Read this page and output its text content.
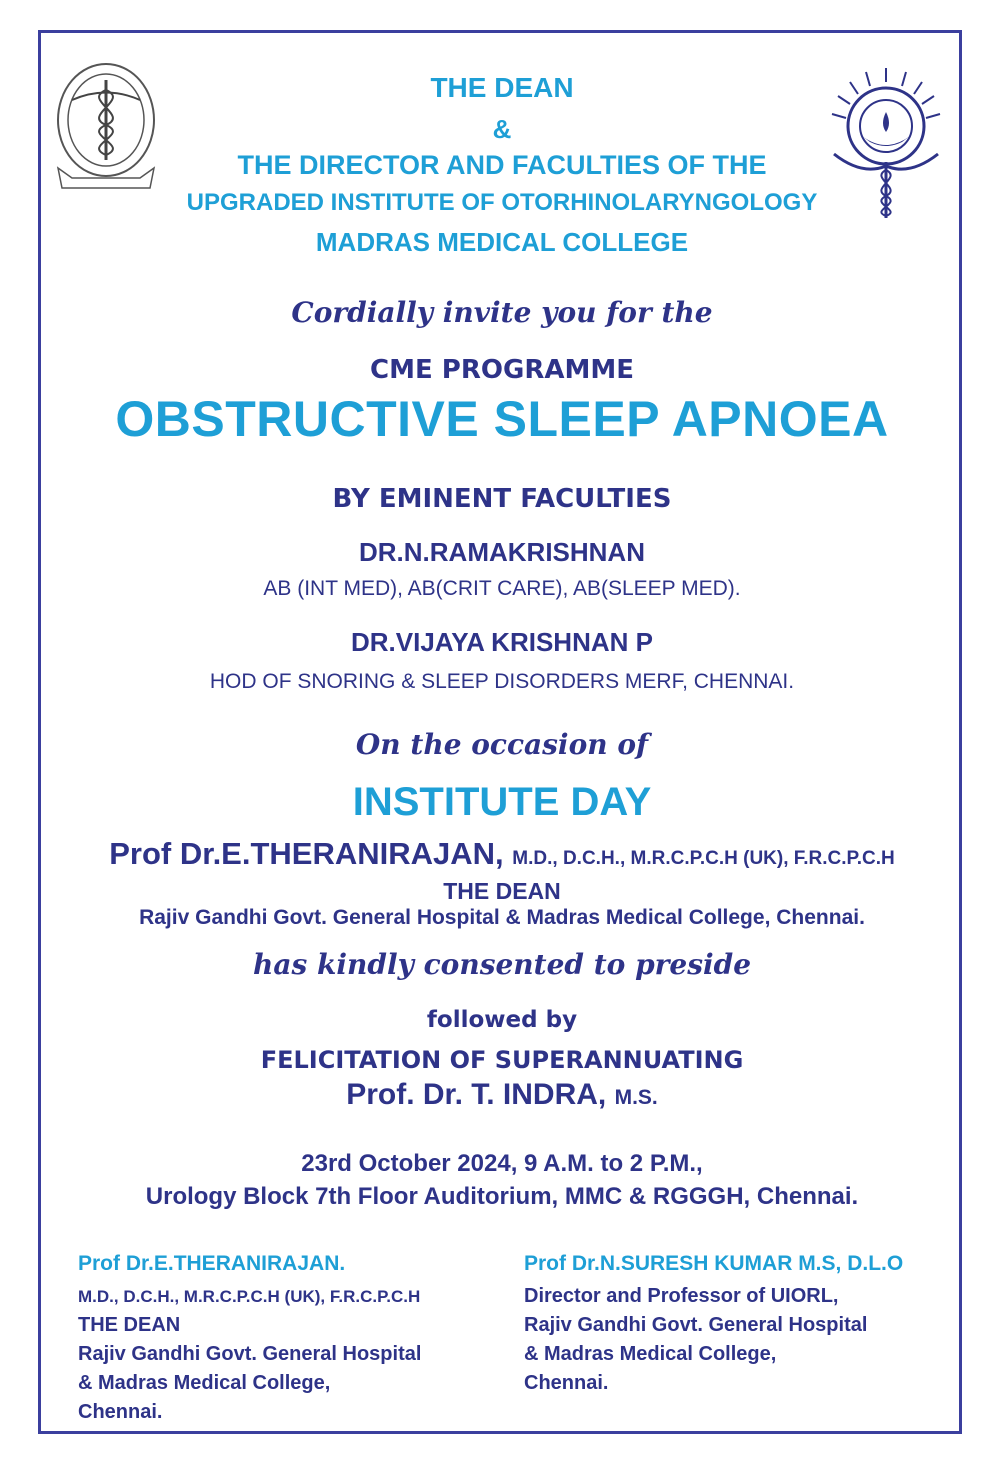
THE DEAN
&
THE DIRECTOR AND FACULTIES OF THE
UPGRADED INSTITUTE OF OTORHINOLARYNGOLOGY
MADRAS MEDICAL COLLEGE
Cordially invite you for the
CME PROGRAMME
OBSTRUCTIVE SLEEP APNOEA
BY EMINENT FACULTIES
DR.N.RAMAKRISHNAN
AB (INT MED), AB(CRIT CARE), AB(SLEEP MED).
DR.VIJAYA KRISHNAN P
HOD OF SNORING & SLEEP DISORDERS MERF, CHENNAI.
On the occasion of
INSTITUTE DAY
Prof Dr.E.THERANIRAJAN, M.D., D.C.H., M.R.C.P.C.H (UK), F.R.C.P.C.H
THE DEAN
Rajiv Gandhi Govt. General Hospital & Madras Medical College, Chennai.
has kindly consented to preside
followed by
FELICITATION OF SUPERANNUATING
Prof. Dr. T. INDRA, M.S.
23rd October 2024, 9 A.M. to 2 P.M.,
Urology Block 7th Floor Auditorium, MMC & RGGGH, Chennai.
Prof Dr.E.THERANIRAJAN.
M.D., D.C.H., M.R.C.P.C.H (UK), F.R.C.P.C.H
THE DEAN
Rajiv Gandhi Govt. General Hospital
& Madras Medical College,
Chennai.
Prof Dr.N.SURESH KUMAR M.S, D.L.O
Director and Professor of UIORL,
Rajiv Gandhi Govt. General Hospital
& Madras Medical College,
Chennai.
